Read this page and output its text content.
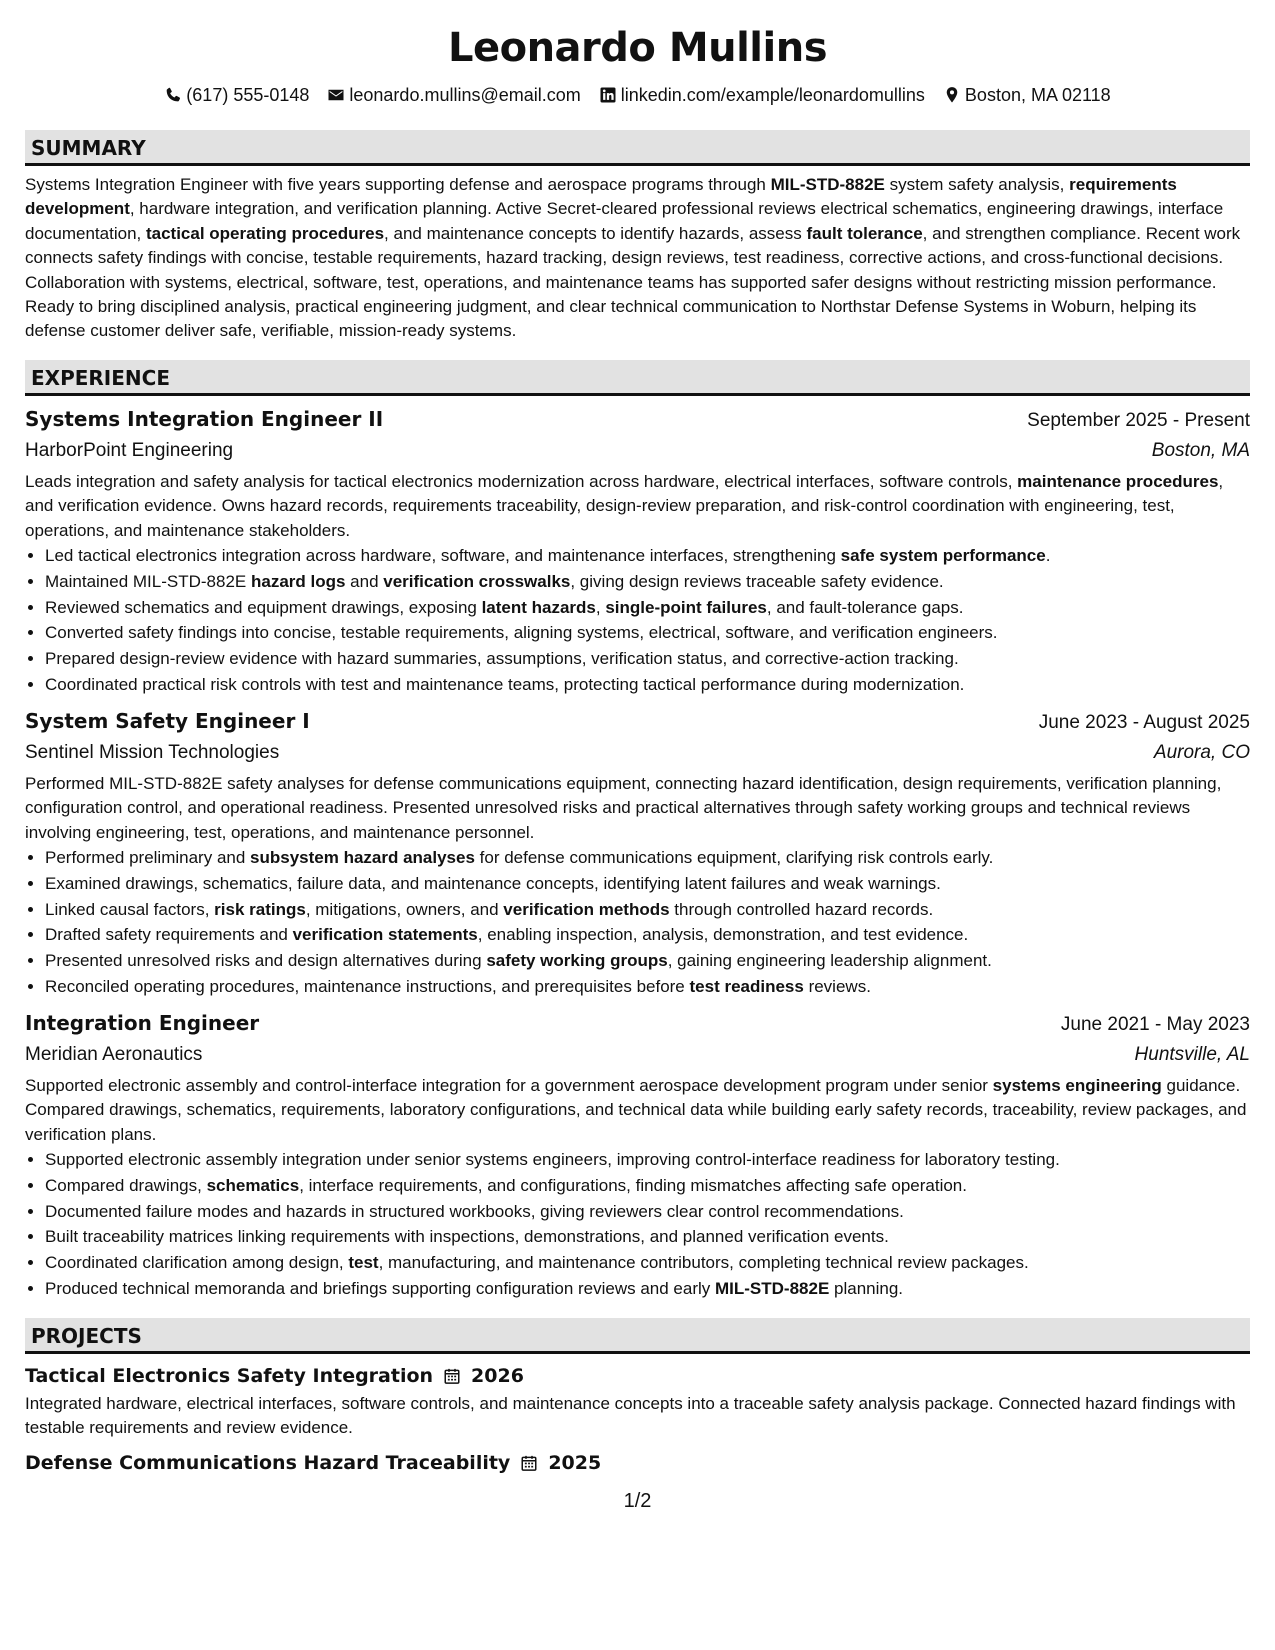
Leonardo Mullins
(617) 555-0148 leonardo.mullins@email.com linkedin.com/example/leonardomullins Boston, MA 02118
SUMMARY

Systems Integration Engineer with five years supporting defense and aerospace programs through MIL-STD-882E system safety analysis, requirements development, hardware integration, and verification planning. Active Secret-cleared professional reviews electrical schematics, engineering drawings, interface documentation, tactical operating procedures, and maintenance concepts to identify hazards, assess fault tolerance, and strengthen compliance. Recent work connects safety findings with concise, testable requirements, hazard tracking, design reviews, test readiness, corrective actions, and cross-functional decisions. Collaboration with systems, electrical, software, test, operations, and maintenance teams has supported safer designs without restricting mission performance. Ready to bring disciplined analysis, practical engineering judgment, and clear technical communication to Northstar Defense Systems in Woburn, helping its defense customer deliver safe, verifiable, mission-ready systems.

EXPERIENCE
Systems Integration Engineer II	September 2025 - Present
HarborPoint Engineering	Boston, MA

Leads integration and safety analysis for tactical electronics modernization across hardware, electrical interfaces, software controls, maintenance procedures, and verification evidence. Owns hazard records, requirements traceability, design-review preparation, and risk-control coordination with engineering, test, operations, and maintenance stakeholders.

• Led tactical electronics integration across hardware, software, and maintenance interfaces, strengthening safe system performance.
• Maintained MIL-STD-882E hazard logs and verification crosswalks, giving design reviews traceable safety evidence.
• Reviewed schematics and equipment drawings, exposing latent hazards, single-point failures, and fault-tolerance gaps.
• Converted safety findings into concise, testable requirements, aligning systems, electrical, software, and verification engineers.
• Prepared design-review evidence with hazard summaries, assumptions, verification status, and corrective-action tracking.
• Coordinated practical risk controls with test and maintenance teams, protecting tactical performance during modernization.
System Safety Engineer I	June 2023 - August 2025
Sentinel Mission Technologies	Aurora, CO

Performed MIL-STD-882E safety analyses for defense communications equipment, connecting hazard identification, design requirements, verification planning, configuration control, and operational readiness. Presented unresolved risks and practical alternatives through safety working groups and technical reviews involving engineering, test, operations, and maintenance personnel.

• Performed preliminary and subsystem hazard analyses for defense communications equipment, clarifying risk controls early.
• Examined drawings, schematics, failure data, and maintenance concepts, identifying latent failures and weak warnings.
• Linked causal factors, risk ratings, mitigations, owners, and verification methods through controlled hazard records.
• Drafted safety requirements and verification statements, enabling inspection, analysis, demonstration, and test evidence.
• Presented unresolved risks and design alternatives during safety working groups, gaining engineering leadership alignment.
• Reconciled operating procedures, maintenance instructions, and prerequisites before test readiness reviews.
Integration Engineer	June 2021 - May 2023
Meridian Aeronautics	Huntsville, AL

Supported electronic assembly and control-interface integration for a government aerospace development program under senior systems engineering guidance. Compared drawings, schematics, requirements, laboratory configurations, and technical data while building early safety records, traceability, review packages, and verification plans.

• Supported electronic assembly integration under senior systems engineers, improving control-interface readiness for laboratory testing.
• Compared drawings, schematics, interface requirements, and configurations, finding mismatches affecting safe operation.
• Documented failure modes and hazards in structured workbooks, giving reviewers clear control recommendations.
• Built traceability matrices linking requirements with inspections, demonstrations, and planned verification events.
• Coordinated clarification among design, test, manufacturing, and maintenance contributors, completing technical review packages.
• Produced technical memoranda and briefings supporting configuration reviews and early MIL-STD-882E planning.
PROJECTS
Tactical Electronics Safety Integration 2026

Integrated hardware, electrical interfaces, software controls, and maintenance concepts into a traceable safety analysis package. Connected hazard findings with testable requirements and review evidence.

Defense Communications Hazard Traceability 2025
1/2
